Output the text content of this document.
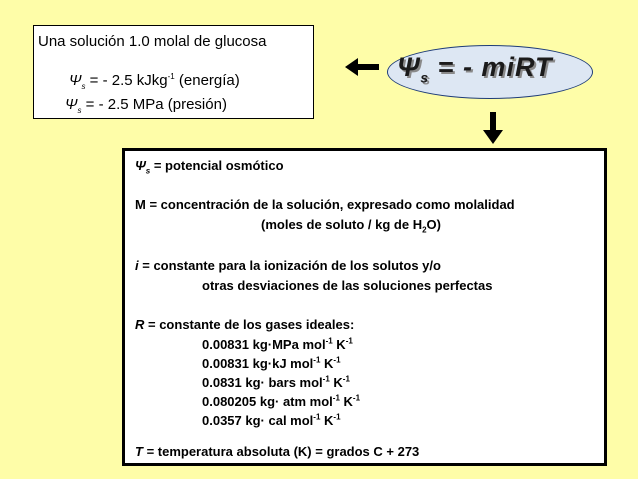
Una solución 1.0 molal de glucosa
$\Psi_s$ = - 2.5 kJkg$^{-1}$ (energía)
$\Psi_s$ = - 2.5 MPa (presión)
$\Psi_s$ = - miRT
$\Psi_s$ = potencial osmótico
M = concentración de la solución, expresado como molalidad
(moles de soluto / kg de $H_2O$)
i = constante para la ionización de los solutos y/o
otras desviaciones de las soluciones perfectas
R = constante de los gases ideales:
0.00831 kg·MPa mol$^{-1}$ $K^{-1}$
0.00831 kg·kJ mol$^{-1}$ $K^{-1}$
0.0831 kg· bars mol$^{-1}$ $K^{-1}$
0.080205 kg· atm mol$^{-1}$ $K^{-1}$
0.0357 kg· cal mol$^{-1}$ $K^{-1}$
T = temperatura absoluta (K) = grados C + 273
